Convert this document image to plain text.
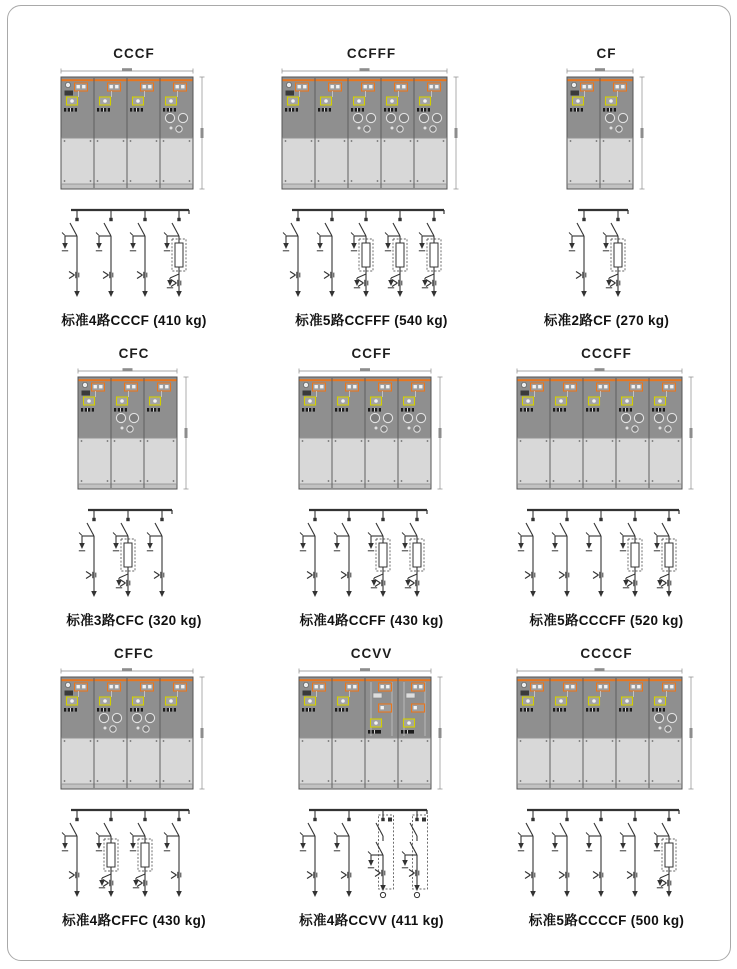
CCCF
标准4路CCCF (410 kg)
CCFFF
标准5路CCFFF (540 kg)
CF
标准2路CF (270 kg)
CFC
标准3路CFC (320 kg)
CCFF
标准4路CCFF (430 kg)
CCCFF
标准5路CCCFF (520 kg)
CFFC
标准4路CFFC (430 kg)
CCVV
标准4路CCVV (411 kg)
CCCCF
标准5路CCCCF (500 kg)
